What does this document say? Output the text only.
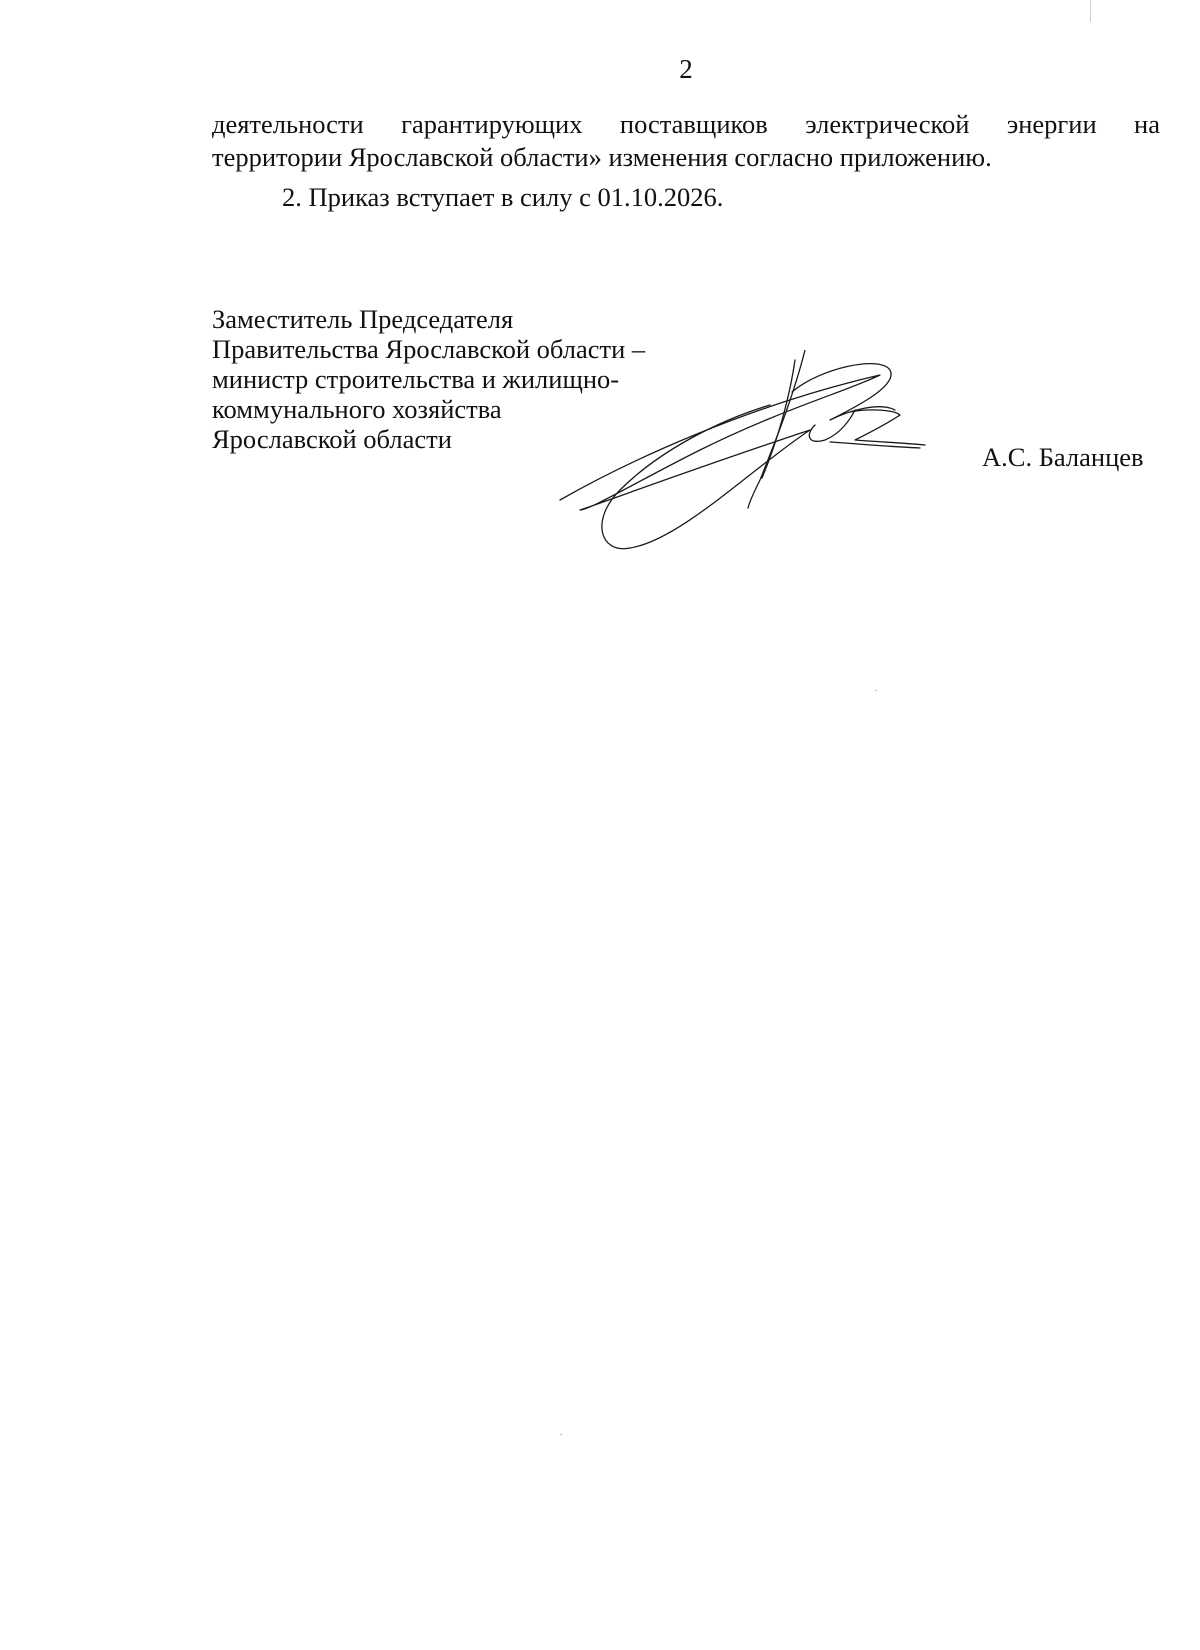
2
деятельности гарантирующих поставщиков электрической энергии на
территории Ярославской области» изменения согласно приложению.
2. Приказ вступает в силу с 01.10.2026.
Заместитель Председателя
Правительства Ярославской области –
министр строительства и жилищно-
коммунального хозяйства
Ярославской области
А.С. Баланцев
